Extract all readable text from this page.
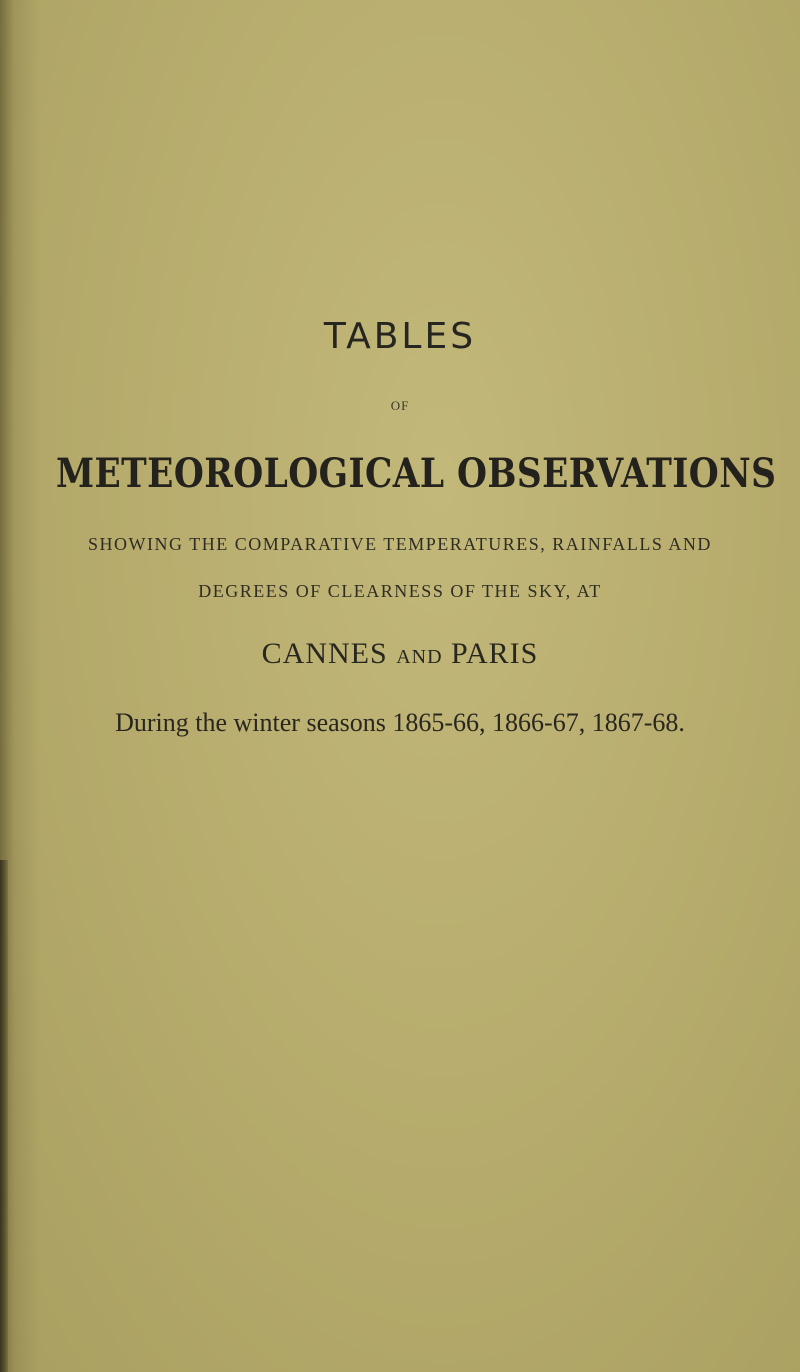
TABLES
OF
METEOROLOGICAL OBSERVATIONS
SHOWING THE COMPARATIVE TEMPERATURES, RAINFALLS AND
DEGREES OF CLEARNESS OF THE SKY, AT
CANNES AND PARIS
During the winter seasons 1865-66, 1866-67, 1867-68.
